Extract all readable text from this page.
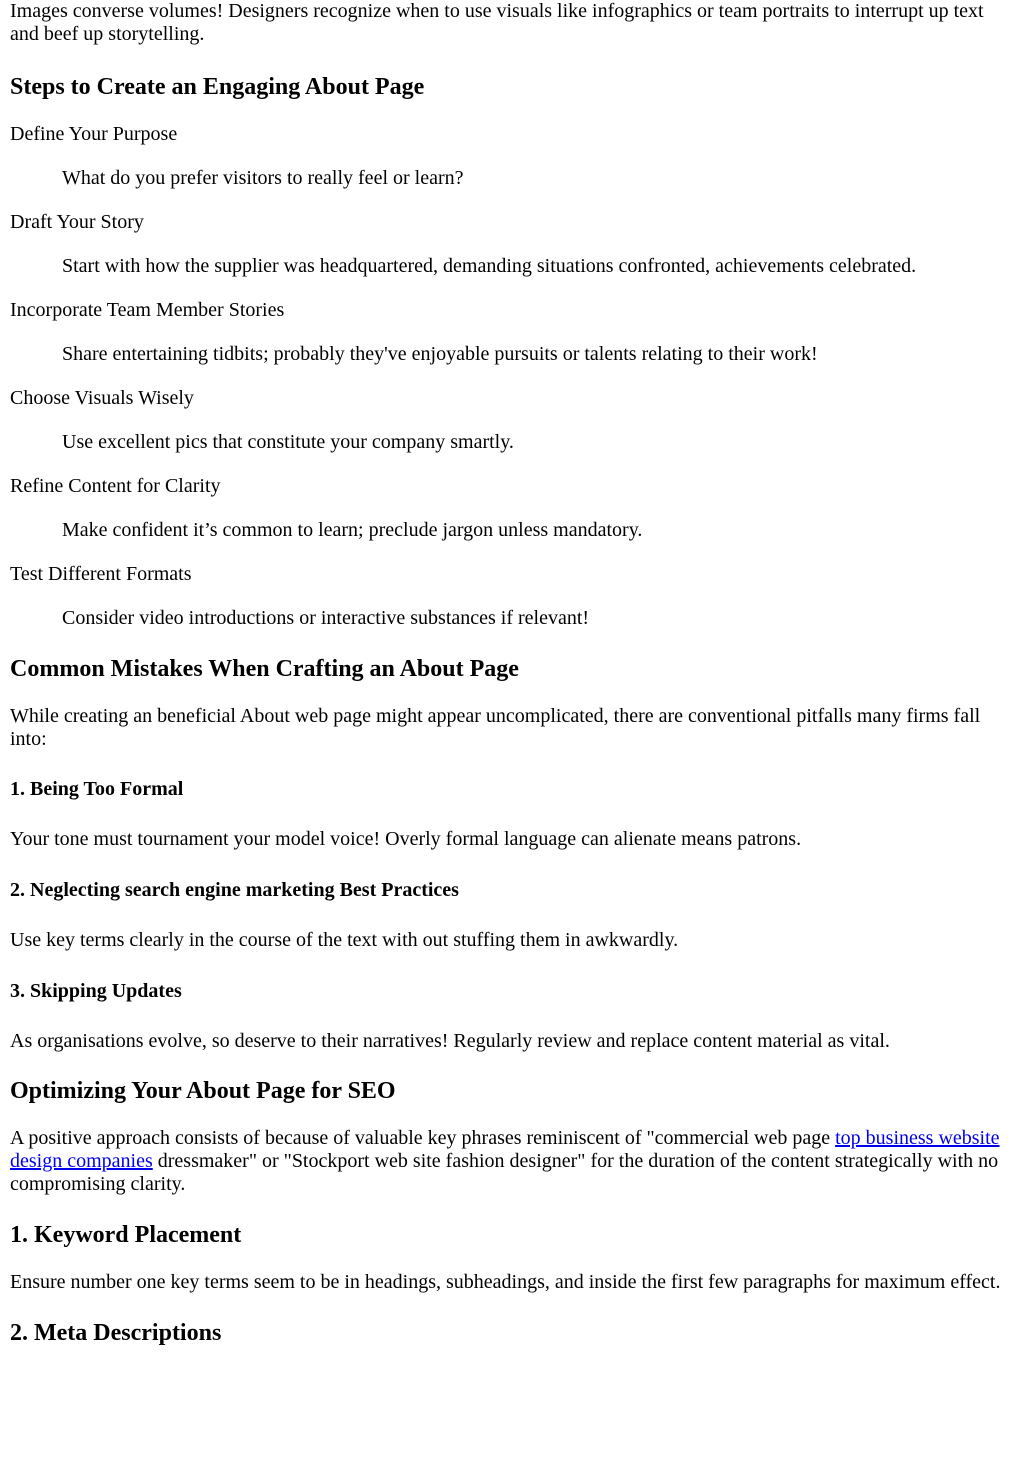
Images converse volumes! Designers recognize when to use visuals like infographics or team portraits to interrupt up text and beef up storytelling.

Steps to Create an Engaging About Page
Define Your Purpose
What do you prefer visitors to really feel or learn?
Draft Your Story
Start with how the supplier was headquartered, demanding situations confronted, achievements celebrated.
Incorporate Team Member Stories
Share entertaining tidbits; probably they've enjoyable pursuits or talents relating to their work!
Choose Visuals Wisely
Use excellent pics that constitute your company smartly.
Refine Content for Clarity
Make confident it’s common to learn; preclude jargon unless mandatory.
Test Different Formats
Consider video introductions or interactive substances if relevant!
Common Mistakes When Crafting an About Page

While creating an beneficial About web page might appear uncomplicated, there are conventional pitfalls many firms fall into:

1. Being Too Formal

Your tone must tournament your model voice! Overly formal language can alienate means patrons.

2. Neglecting search engine marketing Best Practices

Use key terms clearly in the course of the text with out stuffing them in awkwardly.

3. Skipping Updates

As organisations evolve, so deserve to their narratives! Regularly review and replace content material as vital.

Optimizing Your About Page for SEO

A positive approach consists of because of valuable key phrases reminiscent of "commercial web page top business website design companies dressmaker" or "Stockport web site fashion designer" for the duration of the content strategically with no compromising clarity.

1. Keyword Placement

Ensure number one key terms seem to be in headings, subheadings, and inside the first few paragraphs for maximum effect.

2. Meta Descriptions
